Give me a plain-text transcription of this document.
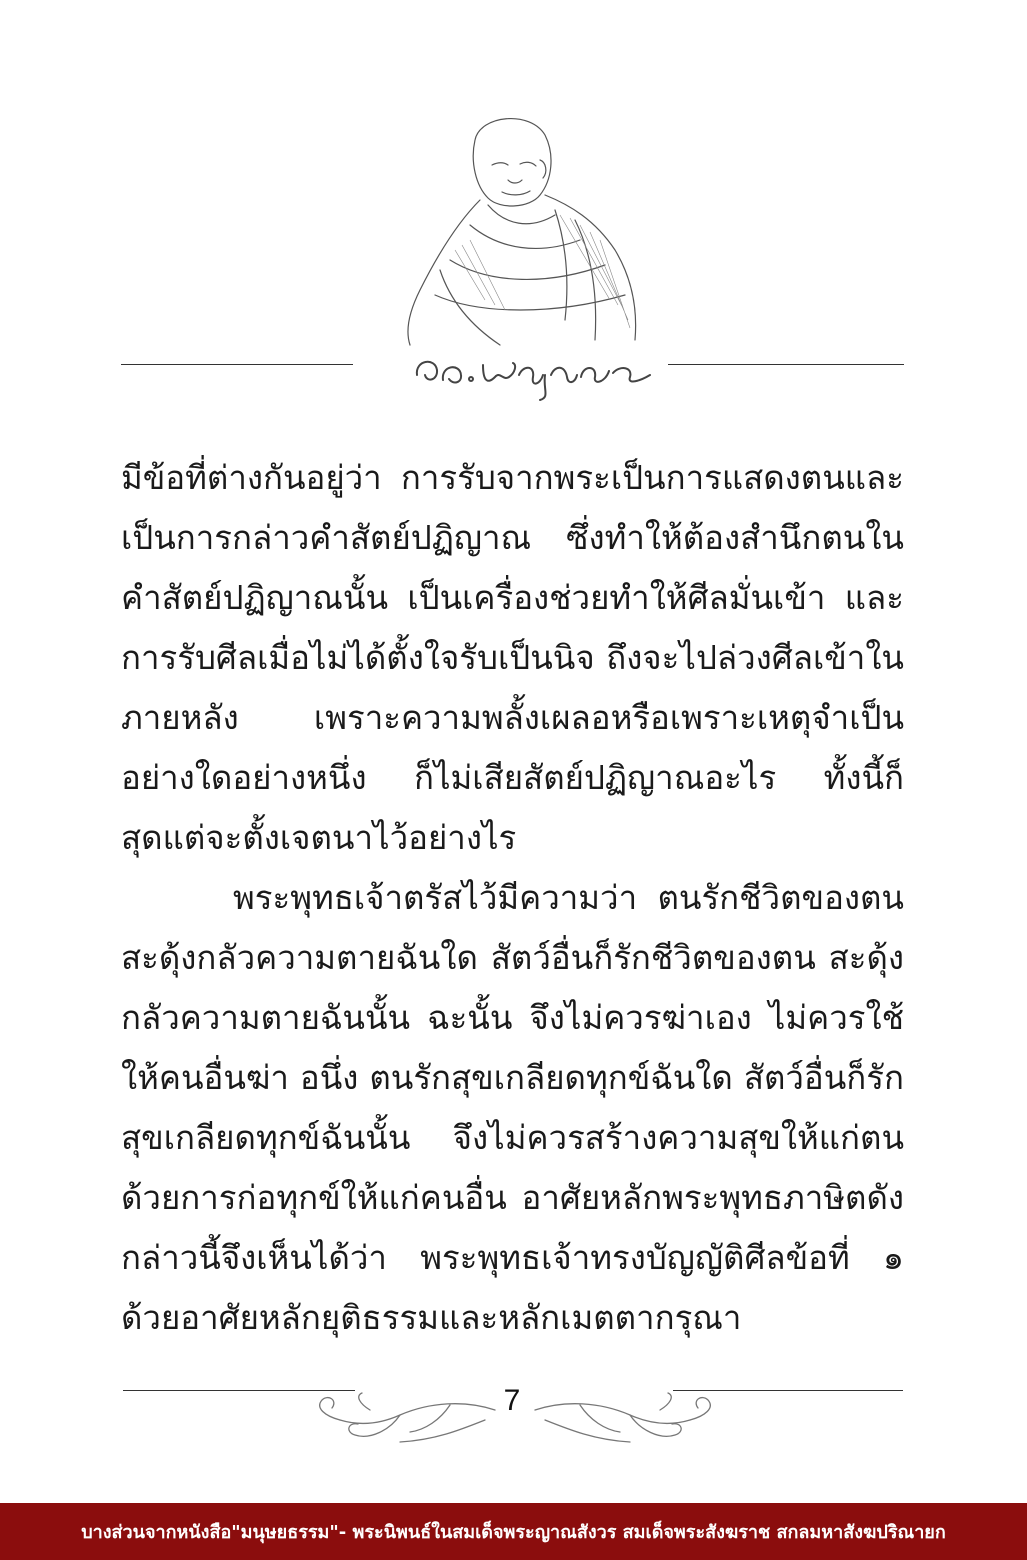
มีข้อที่ต่างกันอยู่ว่า การรับจากพระเป็นการแสดงตนและเป็นการกล่าวคำสัตย์ปฏิญาณ ซึ่งทำให้ต้องสำนึกตนในคำสัตย์ปฏิญาณนั้น เป็นเครื่องช่วยทำให้ศีลมั่นเข้า และการรับศีลเมื่อไม่ได้ตั้งใจรับเป็นนิจ ถึงจะไปล่วงศีลเข้าในภายหลัง เพราะความพลั้งเผลอหรือเพราะเหตุจำเป็นอย่างใดอย่างหนึ่ง ก็ไม่เสียสัตย์ปฏิญาณอะไร ทั้งนี้ก็สุดแต่จะตั้งเจตนาไว้อย่างไร

พระพุทธเจ้าตรัสไว้มีความว่า ตนรักชีวิตของตน สะดุ้งกลัวความตายฉันใด สัตว์อื่นก็รักชีวิตของตน สะดุ้งกลัวความตายฉันนั้น ฉะนั้น จึงไม่ควรฆ่าเอง ไม่ควรใช้ให้คนอื่นฆ่า อนึ่ง ตนรักสุขเกลียดทุกข์ฉันใด สัตว์อื่นก็รักสุขเกลียดทุกข์ฉันนั้น จึงไม่ควรสร้างความสุขให้แก่ตน ด้วยการก่อทุกข์ให้แก่คนอื่น อาศัยหลักพระพุทธภาษิตดังกล่าวนี้จึงเห็นได้ว่า พระพุทธเจ้าทรงบัญญัติศีลข้อที่ ๑ ด้วยอาศัยหลักยุติธรรมและหลักเมตตากรุณา

7
บางส่วนจากหนังสือ"มนุษยธรรม"- พระนิพนธ์ในสมเด็จพระญาณสังวร สมเด็จพระสังฆราช สกลมหาสังฆปริณายก
